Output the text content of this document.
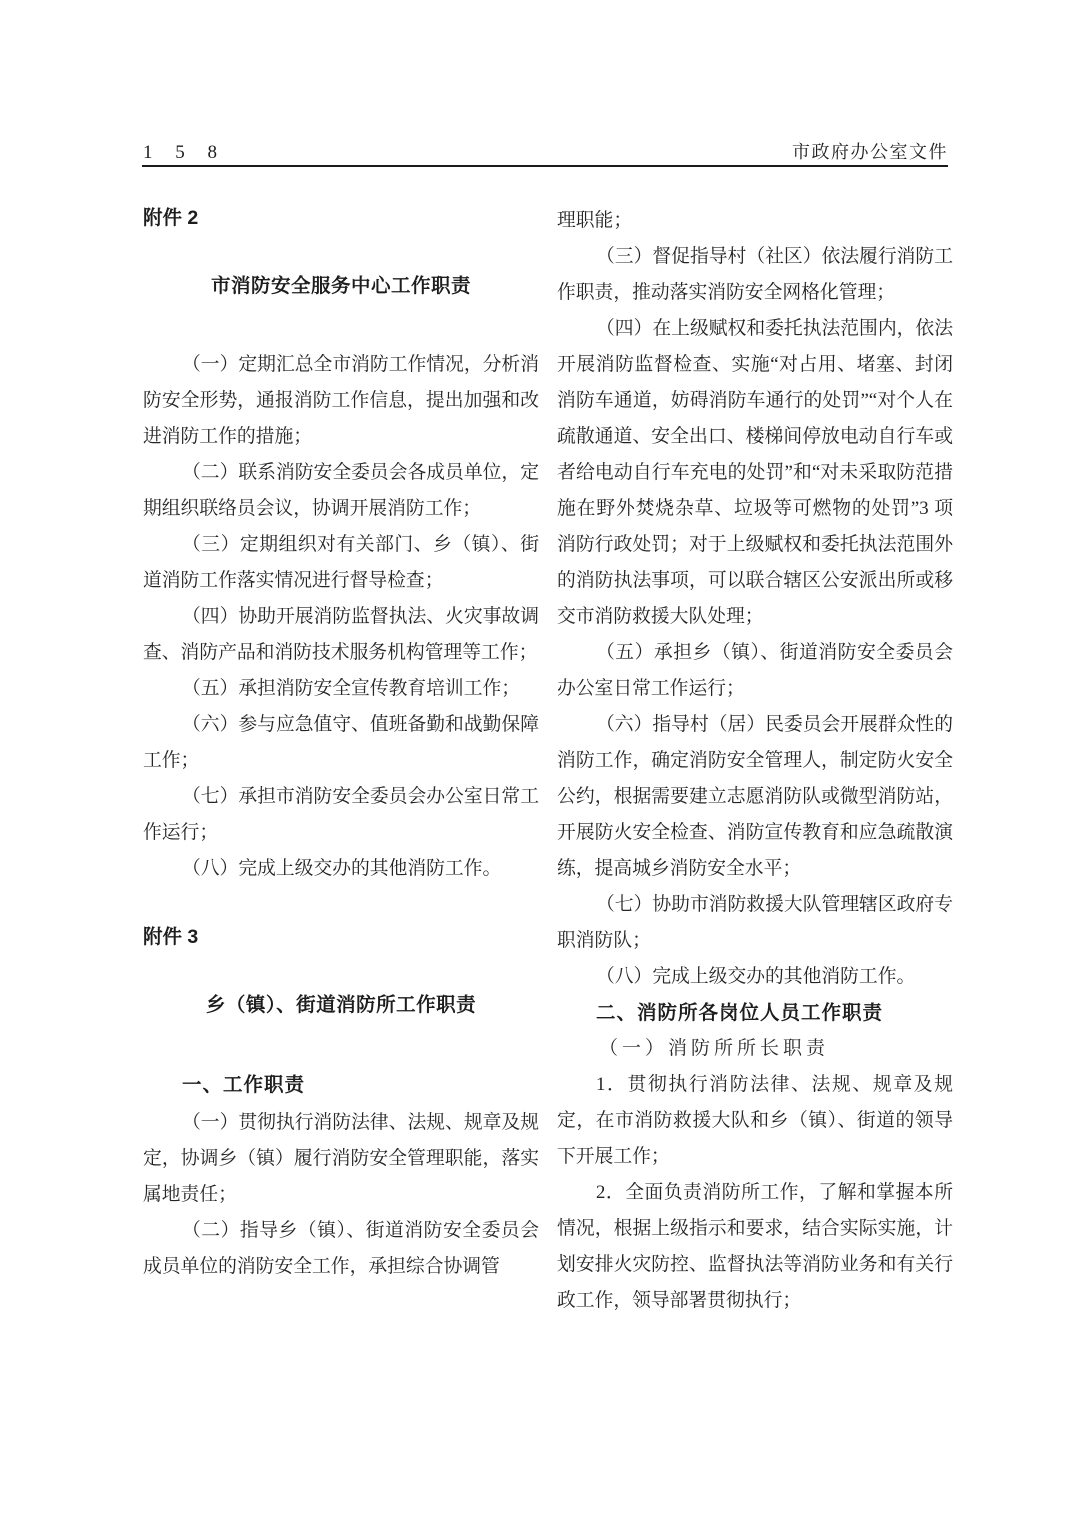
1 5 8	市政府办公室文件
附件 2
市消防安全服务中心工作职责
（一）定期汇总全市消防工作情况，分析消防安全形势，通报消防工作信息，提出加强和改进消防工作的措施；
（二）联系消防安全委员会各成员单位，定期组织联络员会议，协调开展消防工作；
（三）定期组织对有关部门、乡（镇）、街道消防工作落实情况进行督导检查；
（四）协助开展消防监督执法、火灾事故调查、消防产品和消防技术服务机构管理等工作；
（五）承担消防安全宣传教育培训工作；
（六）参与应急值守、值班备勤和战勤保障工作；
（七）承担市消防安全委员会办公室日常工作运行；
（八）完成上级交办的其他消防工作。
附件 3
乡（镇）、街道消防所工作职责
一、工作职责
（一）贯彻执行消防法律、法规、规章及规定，协调乡（镇）履行消防安全管理职能，落实属地责任；
（二）指导乡（镇）、街道消防安全委员会成员单位的消防安全工作，承担综合协调管
理职能；
（三）督促指导村（社区）依法履行消防工作职责，推动落实消防安全网格化管理；
（四）在上级赋权和委托执法范围内，依法开展消防监督检查、实施“对占用、堵塞、封闭消防车通道，妨碍消防车通行的处罚”“对个人在疏散通道、安全出口、楼梯间停放电动自行车或者给电动自行车充电的处罚”和“对未采取防范措施在野外焚烧杂草、垃圾等可燃物的处罚”3 项消防行政处罚；对于上级赋权和委托执法范围外的消防执法事项，可以联合辖区公安派出所或移交市消防救援大队处理；
（五）承担乡（镇）、街道消防安全委员会办公室日常工作运行；
（六）指导村（居）民委员会开展群众性的消防工作，确定消防安全管理人，制定防火安全公约，根据需要建立志愿消防队或微型消防站，开展防火安全检查、消防宣传教育和应急疏散演练，提高城乡消防安全水平；
（七）协助市消防救援大队管理辖区政府专职消防队；
（八）完成上级交办的其他消防工作。
二、消防所各岗位人员工作职责
（一）消防所所长职责
1．贯彻执行消防法律、法规、规章及规定，在市消防救援大队和乡（镇）、街道的领导下开展工作；
2．全面负责消防所工作，了解和掌握本所情况，根据上级指示和要求，结合实际实施，计划安排火灾防控、监督执法等消防业务和有关行政工作，领导部署贯彻执行；
